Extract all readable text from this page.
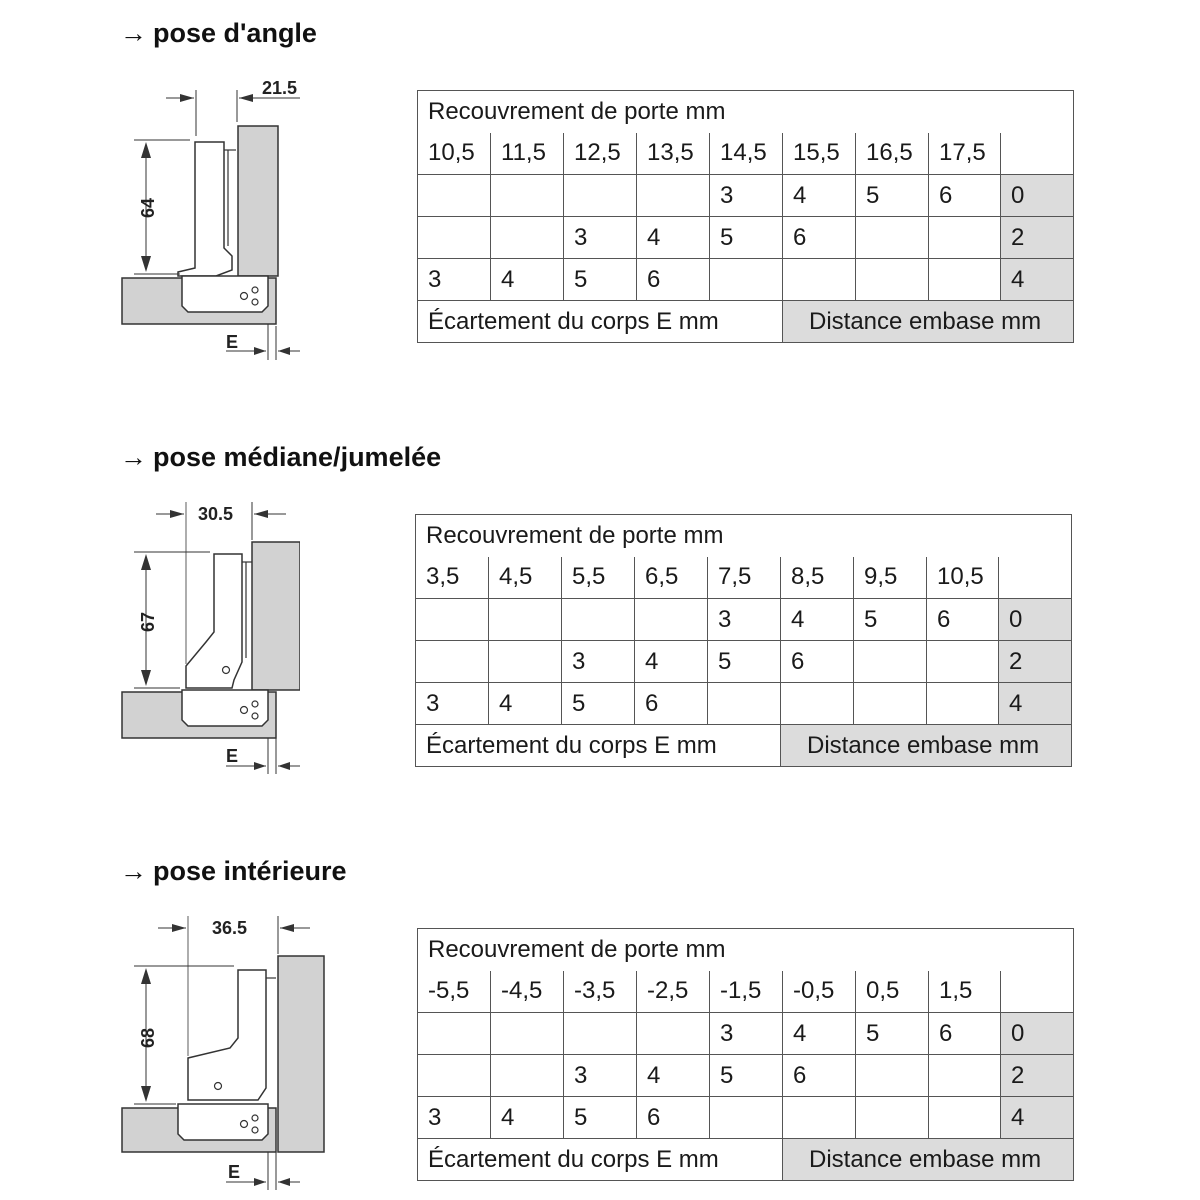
→ pose d'angle
64
21.5
E
Recouvrement de porte mm								
10,5	11,5	12,5	13,5	14,5	15,5	16,5	17,5	
				3	4	5	6	0
		3	4	5	6			2
3	4	5	6					4
Écartement du corps E mm					Distance embase mm			
→ pose médiane/jumelée
67
30.5
E
Recouvrement de porte mm								
3,5	4,5	5,5	6,5	7,5	8,5	9,5	10,5	
				3	4	5	6	0
		3	4	5	6			2
3	4	5	6					4
Écartement du corps E mm					Distance embase mm			
→ pose intérieure
68
36.5
E
Recouvrement de porte mm								
-5,5	-4,5	-3,5	-2,5	-1,5	-0,5	0,5	1,5	
				3	4	5	6	0
		3	4	5	6			2
3	4	5	6					4
Écartement du corps E mm					Distance embase mm			
